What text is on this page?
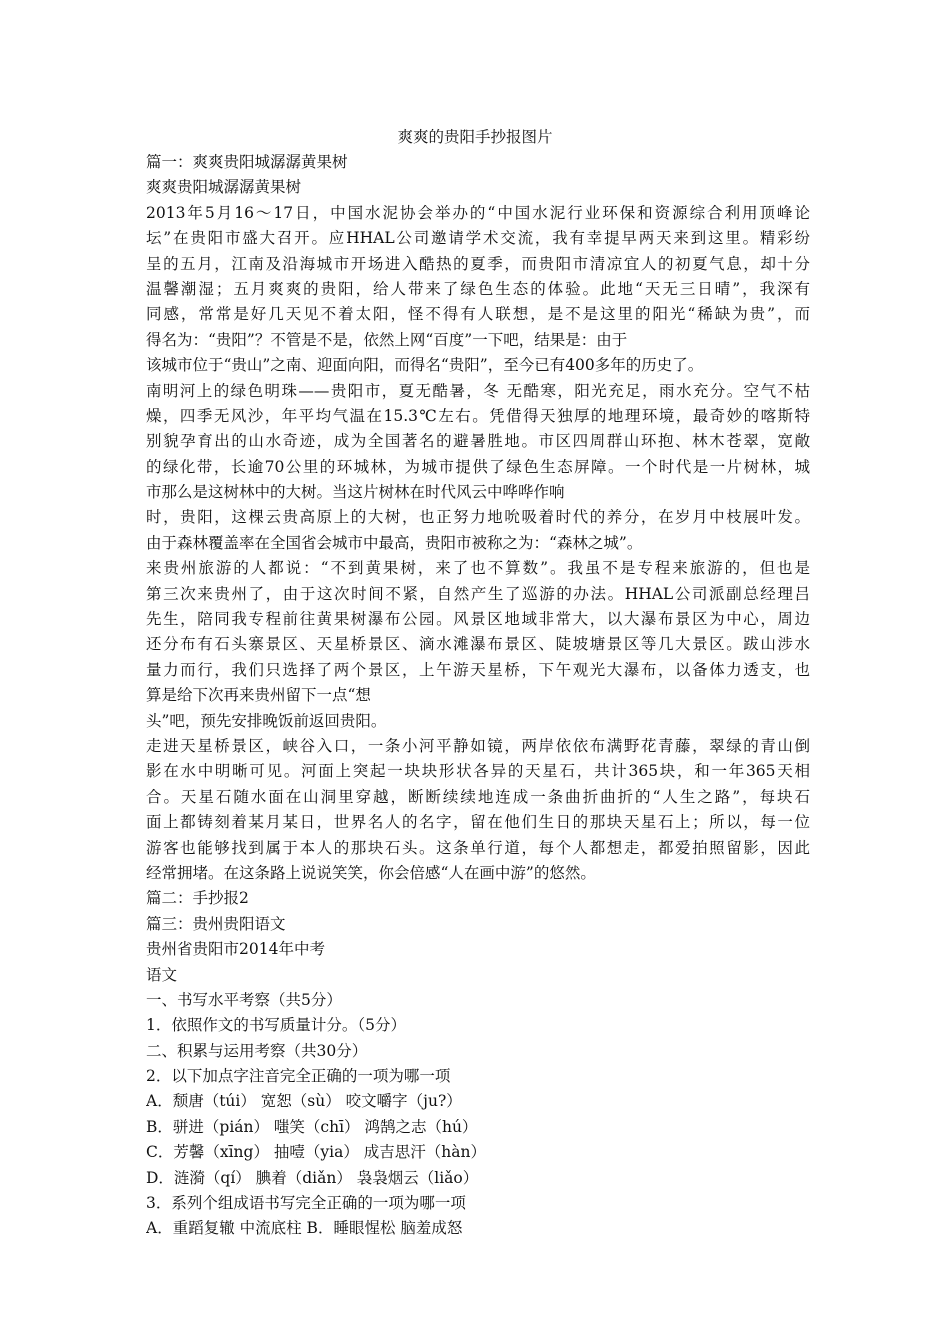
爽爽的贵阳手抄报图片
篇一：爽爽贵阳城潺潺黄果树
爽爽贵阳城潺潺黄果树
2013年5月16～17日，中国水泥协会举办的“中国水泥行业环保和资源综合利用顶峰论
坛”在贵阳市盛大召开。应HHAL公司邀请学术交流，我有幸提早两天来到这里。精彩纷
呈的五月，江南及沿海城市开场进入酷热的夏季，而贵阳市清凉宜人的初夏气息，却十分
温馨潮湿；五月爽爽的贵阳，给人带来了绿色生态的体验。此地“天无三日晴”，我深有
同感，常常是好几天见不着太阳，怪不得有人联想，是不是这里的阳光“稀缺为贵”，而
得名为：“贵阳”？不管是不是，依然上网“百度”一下吧，结果是：由于
该城市位于“贵山”之南、迎面向阳，而得名“贵阳”，至今已有400多年的历史了。
南明河上的绿色明珠——贵阳市，夏无酷暑，冬 无酷寒，阳光充足，雨水充分。空气不枯
燥，四季无风沙，年平均气温在15.3℃左右。凭借得天独厚的地理环境，最奇妙的喀斯特
别貌孕育出的山水奇迹，成为全国著名的避暑胜地。市区四周群山环抱、林木苍翠，宽敞
的绿化带，长逾70公里的环城林，为城市提供了绿色生态屏障。一个时代是一片树林，城
市那么是这树林中的大树。当这片树林在时代风云中哗哗作响
时，贵阳，这棵云贵高原上的大树，也正努力地吮吸着时代的养分，在岁月中枝展叶发。
由于森林覆盖率在全国省会城市中最高，贵阳市被称之为：“森林之城”。
来贵州旅游的人都说：“不到黄果树，来了也不算数”。我虽不是专程来旅游的，但也是
第三次来贵州了，由于这次时间不紧，自然产生了巡游的办法。HHAL公司派副总经理吕
先生，陪同我专程前往黄果树瀑布公园。风景区地域非常大，以大瀑布景区为中心，周边
还分布有石头寨景区、天星桥景区、滴水滩瀑布景区、陡坡塘景区等几大景区。跋山涉水
量力而行，我们只选择了两个景区，上午游天星桥，下午观光大瀑布，以备体力透支，也
算是给下次再来贵州留下一点“想
头”吧，预先安排晚饭前返回贵阳。
走进天星桥景区，峡谷入口，一条小河平静如镜，两岸依依布满野花青藤，翠绿的青山倒
影在水中明晰可见。河面上突起一块块形状各异的天星石，共计365块，和一年365天相
合。天星石随水面在山洞里穿越，断断续续地连成一条曲折曲折的“人生之路”，每块石
面上都铸刻着某月某日，世界名人的名字，留在他们生日的那块天星石上；所以，每一位
游客也能够找到属于本人的那块石头。这条单行道，每个人都想走，都爱拍照留影，因此
经常拥堵。在这条路上说说笑笑，你会倍感“人在画中游”的悠然。
篇二：手抄报2
篇三：贵州贵阳语文
贵州省贵阳市2014年中考
语文
一、书写水平考察（共5分）
1．依照作文的书写质量计分。（5分）
二、积累与运用考察（共30分）
2．以下加点字注音完全正确的一项为哪一项
A．颓唐（túi） 宽恕（sù） 咬文嚼字（ju?）
B．骈进（pián） 嗤笑（chī） 鸿鹄之志（hú）
C．芳馨（xīng） 抽噎（yia） 成吉思汗（hàn）
D．涟漪（qí） 腆着（diǎn） 袅袅烟云（liǎo）
3．系列个组成语书写完全正确的一项为哪一项
A．重蹈复辙 中流底柱 B．睡眼惺松 脑羞成怒
